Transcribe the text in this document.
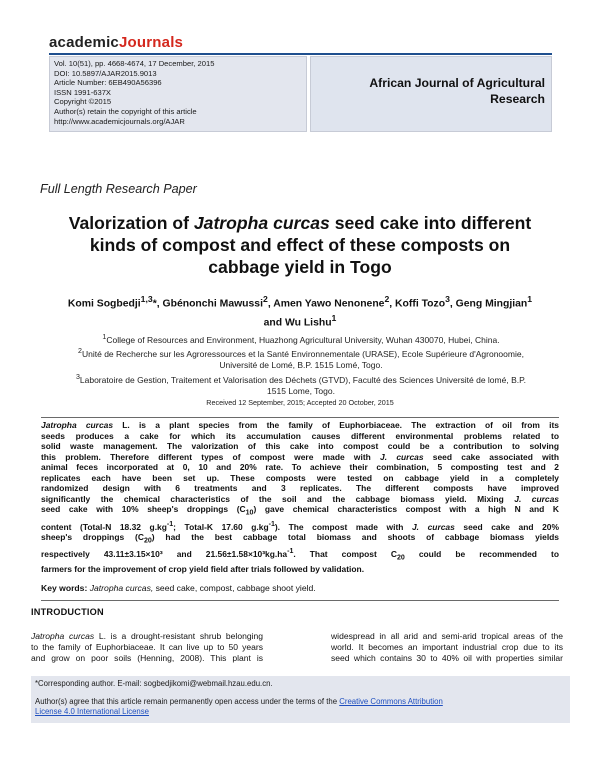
academicJournals
Vol. 10(51), pp. 4668-4674, 17 December, 2015
DOI: 10.5897/AJAR2015.9013
Article Number: 6EB490A56396
ISSN 1991-637X
Copyright ©2015
Author(s) retain the copyright of this article
http://www.academicjournals.org/AJAR
African Journal of Agricultural
Research
Full Length Research Paper
Valorization of Jatropha curcas seed cake into different
kinds of compost and effect of these composts on
cabbage yield in Togo
Komi Sogbedji$^{1,3}$*, Gbénonchi Mawussi$^2$, Amen Yawo Nenonene$^2$, Koffi Tozo$^3$, Geng Mingjian$^1$
and Wu Lishu$^1$
$^1$College of Resources and Environment, Huazhong Agricultural University, Wuhan 430070, Hubei, China.
$^2$Unité de Recherche sur les Agroressources et la Santé Environnementale (URASE), Ecole Supérieure d'Agronoomie,
Université de Lomé, B.P. 1515 Lomé, Togo.
$^3$Laboratoire de Gestion, Traitement et Valorisation des Déchets (GTVD), Faculté des Sciences Université de lomé, B.P.
1515 Lome, Togo.
Received 12 September, 2015; Accepted 20 October, 2015
Jatropha curcas L. is a plant species from the family of Euphorbiaceae. The extraction of oil from its
seeds produces a cake for which its accumulation causes different environmental problems related to
solid waste management. The valorization of this cake into compost could be a contribution to solving
this problem. Therefore different types of compost were made with J. curcas seed cake associated with
animal feces incorporated at 0, 10 and 20% rate. To achieve their combination, 5 composting test and 2
replicates each have been set up. These composts were tested on cabbage yield in a completely
randomized design with 6 treatments and 3 replicates. The different composts have improved
significantly the chemical characteristics of the soil and the cabbage biomass yield. Mixing J. curcas
seed cake with 10% sheep's droppings $(C_{10})$ gave chemical characteristics compost with a high N and K
content (Total-N 18.32 $g.kg^{-1}$; Total-K 17.60 $g.kg^{-1}$). The compost made with J. curcas seed cake and 20%
sheep's droppings $(C_{20})$ had the best cabbage total biomass and shoots of cabbage biomass yields
respectively 43.11±3.15×10³ and $21.56\pm 1.58\times 10^3kg.ha^{-1}$. That compost $C_{20}$ could be recommended to
farmers for the improvement of crop yield field after trials followed by validation.
Key words: Jatropha curcas, seed cake, compost, cabbage shoot yield.
INTRODUCTION
Jatropha curcas L. is a drought-resistant shrub belonging
to the family of Euphorbiaceae. It can live up to 50 years
and grow on poor soils (Henning, 2008). This plant is
widespread in all arid and semi-arid tropical areas of the
world. It becomes an important industrial crop due to its
seed which contains 30 to 40% oil with properties similar
*Corresponding author. E-mail: sogbedjikomi@webmail.hzau.edu.cn.
Author(s) agree that this article remain permanently open access under the terms of the Creative Commons Attribution
License 4.0 International License
